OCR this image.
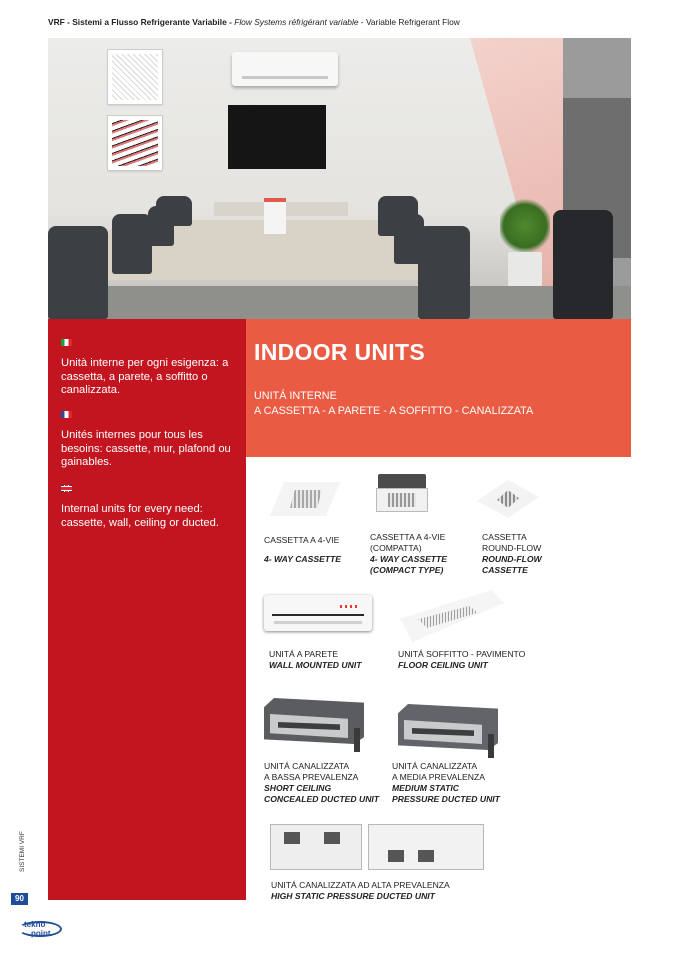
VRF - Sistemi a Flusso Refrigerante Variabile - Flow Systems réfrigérant variable - Variable Refrigerant Flow

Unità interne per ogni esigenza: a cassetta, a parete, a soffitto o canalizzata.

Unités internes pour tous les besoins: cassette, mur, plafond ou gainables.

Internal units for every need: cassette, wall, ceiling or ducted.

INDOOR UNITS
UNITÁ INTERNE
A CASSETTA - A PARETE - A SOFFITTO - CANALIZZATA
CASSETTA A 4-VIE
4- WAY CASSETTE
CASSETTA A 4-VIE
(COMPATTA)
4- WAY CASSETTE
(COMPACT TYPE)
CASSETTA
ROUND-FLOW
ROUND-FLOW
CASSETTE
UNITÁ A PARETE
WALL MOUNTED UNIT
UNITÁ SOFFITTO - PAVIMENTO
FLOOR CEILING UNIT
UNITÁ CANALIZZATA
A BASSA PREVALENZA
SHORT CEILING
CONCEALED DUCTED UNIT
UNITÁ CANALIZZATA
A MEDIA PREVALENZA
MEDIUM STATIC
PRESSURE DUCTED UNIT
UNITÁ CANALIZZATA AD ALTA PREVALENZA
HIGH STATIC PRESSURE DUCTED UNIT
SISTEMI VRF
90
tekno
point
